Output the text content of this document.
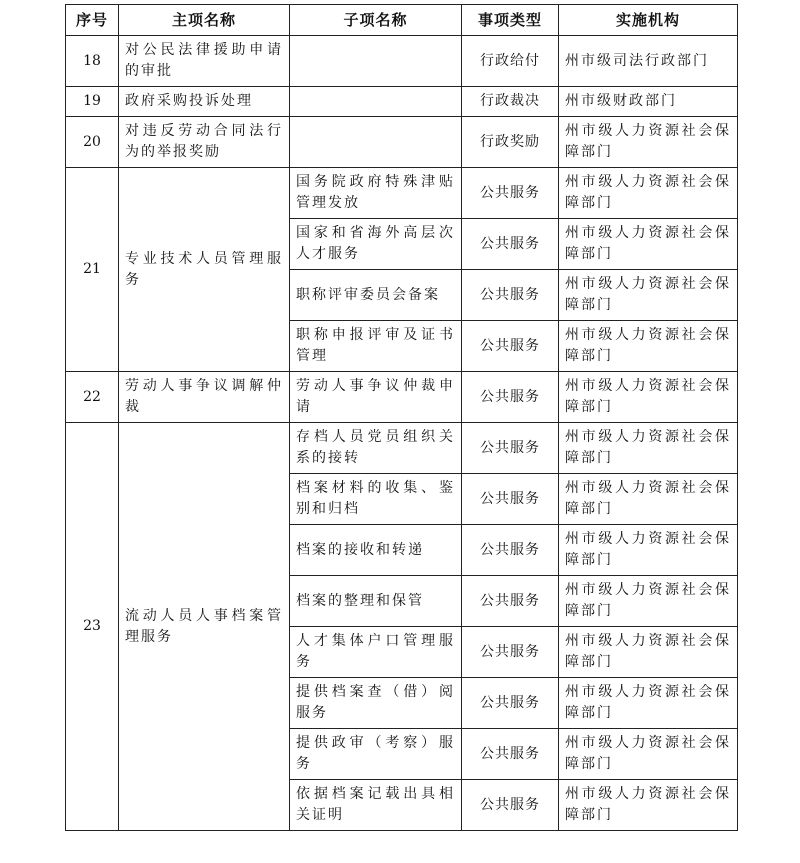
序号	主项名称	子项名称	事项类型	实施机构
18	对公民法律援助申请的审批		行政给付	州市级司法行政部门
19	政府采购投诉处理		行政裁决	州市级财政部门
20	对违反劳动合同法行为的举报奖励		行政奖励	州市级人力资源社会保障部门
21	专业技术人员管理服务	国务院政府特殊津贴管理发放	公共服务	州市级人力资源社会保障部门
		国家和省海外高层次人才服务	公共服务	州市级人力资源社会保障部门
		职称评审委员会备案	公共服务	州市级人力资源社会保障部门
		职称申报评审及证书管理	公共服务	州市级人力资源社会保障部门
22	劳动人事争议调解仲裁	劳动人事争议仲裁申请	公共服务	州市级人力资源社会保障部门
23	流动人员人事档案管理服务	存档人员党员组织关系的接转	公共服务	州市级人力资源社会保障部门
		档案材料的收集、鉴别和归档	公共服务	州市级人力资源社会保障部门
		档案的接收和转递	公共服务	州市级人力资源社会保障部门
		档案的整理和保管	公共服务	州市级人力资源社会保障部门
		人才集体户口管理服务	公共服务	州市级人力资源社会保障部门
		提供档案查（借）阅服务	公共服务	州市级人力资源社会保障部门
		提供政审（考察）服务	公共服务	州市级人力资源社会保障部门
		依据档案记载出具相关证明	公共服务	州市级人力资源社会保障部门
